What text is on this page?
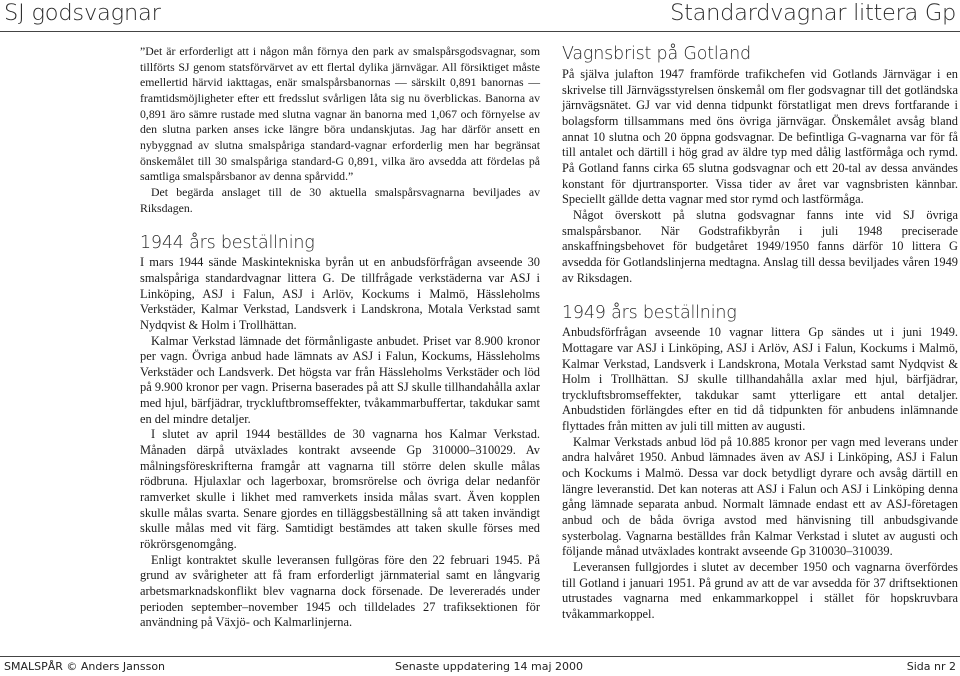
SJ godsvagnar	Standardvagnar littera Gp

”Det är erforderligt att i någon mån förnya den park av smalspårsgodsvagnar, som tillförts SJ genom statsförvärvet av ett flertal dylika järnvägar. All försiktiget måste emellertid härvid iakttagas, enär smalspårsbanornas — särskilt 0,891 banornas — framtidsmöjligheter efter ett fredsslut svårligen låta sig nu överblickas. Banorna av 0,891 äro sämre rustade med slutna vagnar än banorna med 1,067 och förnyelse av den slutna parken anses icke längre böra undanskjutas. Jag har därför ansett en nybyggnad av slutna smalspåriga standard-vagnar erforderlig men har begränsat önskemålet till 30 smalspåriga standard-G 0,891, vilka äro avsedda att fördelas på samtliga smalspårsbanor av denna spårvidd.”

Det begärda anslaget till de 30 aktuella smalspårsvagnarna beviljades av Riksdagen.

1944 års beställning

I mars 1944 sände Maskintekniska byrån ut en anbudsförfrågan avseende 30 smalspåriga standardvagnar littera G. De tillfrågade verkstäderna var ASJ i Linköping, ASJ i Falun, ASJ i Arlöv, Kockums i Malmö, Hässleholms Verkstäder, Kalmar Verkstad, Landsverk i Landskrona, Motala Verkstad samt Nydqvist & Holm i Trollhättan.

Kalmar Verkstad lämnade det förmånligaste anbudet. Priset var 8.900 kronor per vagn. Övriga anbud hade lämnats av ASJ i Falun, Kockums, Hässleholms Verkstäder och Landsverk. Det högsta var från Hässleholms Verkstäder och löd på 9.900 kronor per vagn. Priserna baserades på att SJ skulle tillhandahålla axlar med hjul, bärfjädrar, tryckluftbromseffekter, tvåkammarbuffertar, takdukar samt en del mindre detaljer.

I slutet av april 1944 beställdes de 30 vagnarna hos Kalmar Verkstad. Månaden därpå utväxlades kontrakt avseende Gp 310000–310029. Av målningsföreskrifterna framgår att vagnarna till större delen skulle målas rödbruna. Hjulaxlar och lagerboxar, bromsrörelse och övriga delar nedanför ramverket skulle i likhet med ramverkets insida målas svart. Även kopplen skulle målas svarta. Senare gjordes en tilläggsbeställning så att taken invändigt skulle målas med vit färg. Samtidigt bestämdes att taken skulle förses med rökrörsgenomgång.

Enligt kontraktet skulle leveransen fullgöras före den 22 februari 1945. På grund av svårigheter att få fram erforderligt järnmaterial samt en långvarig arbetsmarknadskonflikt blev vagnarna dock försenade. De levereradés under perioden september–november 1945 och tilldelades 27 trafiksektionen för användning på Växjö- och Kalmarlinjerna.

Vagnsbrist på Gotland

På själva julafton 1947 framförde trafikchefen vid Gotlands Järnvägar i en skrivelse till Järnvägsstyrelsen önskemål om fler godsvagnar till det gotländska järnvägsnätet. GJ var vid denna tidpunkt förstatligat men drevs fortfarande i bolagsform tillsammans med öns övriga järnvägar. Önskemålet avsåg bland annat 10 slutna och 20 öppna godsvagnar. De befintliga G-vagnarna var för få till antalet och därtill i hög grad av äldre typ med dålig lastförmåga och rymd. På Gotland fanns cirka 65 slutna godsvagnar och ett 20-tal av dessa användes konstant för djurtransporter. Vissa tider av året var vagnsbristen kännbar. Speciellt gällde detta vagnar med stor rymd och lastförmåga.

Något överskott på slutna godsvagnar fanns inte vid SJ övriga smalspårsbanor. När Godstrafikbyrån i juli 1948 preciserade anskaffningsbehovet för budgetåret 1949/1950 fanns därför 10 littera G avsedda för Gotlandslinjerna medtagna. Anslag till dessa beviljades våren 1949 av Riksdagen.

1949 års beställning

Anbudsförfrågan avseende 10 vagnar littera Gp sändes ut i juni 1949. Mottagare var ASJ i Linköping, ASJ i Arlöv, ASJ i Falun, Kockums i Malmö, Kalmar Verkstad, Landsverk i Landskrona, Motala Verkstad samt Nydqvist & Holm i Trollhättan. SJ skulle tillhandahålla axlar med hjul, bärfjädrar, tryckluftsbromseffekter, takdukar samt ytterligare ett antal detaljer. Anbudstiden förlängdes efter en tid då tidpunkten för anbudens inlämnande flyttades från mitten av juli till mitten av augusti.

Kalmar Verkstads anbud löd på 10.885 kronor per vagn med leverans under andra halvåret 1950. Anbud lämnades även av ASJ i Linköping, ASJ i Falun och Kockums i Malmö. Dessa var dock betydligt dyrare och avsåg därtill en längre leveranstid. Det kan noteras att ASJ i Falun och ASJ i Linköping denna gång lämnade separata anbud. Normalt lämnade endast ett av ASJ-företagen anbud och de båda övriga avstod med hänvisning till anbudsgivande systerbolag. Vagnarna beställdes från Kalmar Verkstad i slutet av augusti och följande månad utväxlades kontrakt avseende Gp 310030–310039.

Leveransen fullgjordes i slutet av december 1950 och vagnarna överfördes till Gotland i januari 1951. På grund av att de var avsedda för 37 driftsektionen utrustades vagnarna med enkammarkoppel i stället för hopskruvbara tvåkammarkoppel.

SMALSPÅR © Anders Jansson	Senaste uppdatering 14 maj 2000	Sida nr 2
